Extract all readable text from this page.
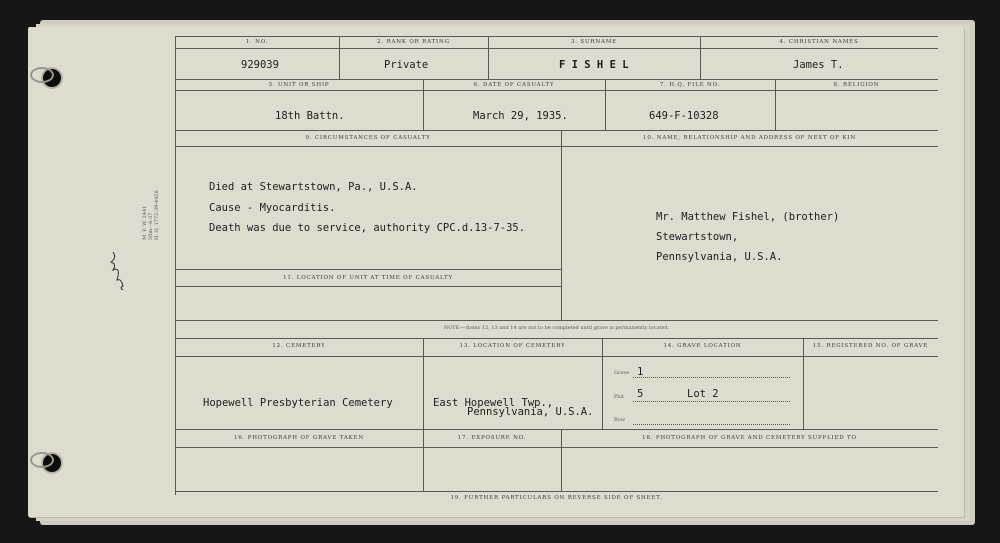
M. F. W. 2441 50m—6-37 H. Q. 1772-39-4458
1. NO.	2. RANK OR RATING	3. SURNAME	4. CHRISTIAN NAMES
929039	Private	F I S H E L	James T.
5. UNIT OR SHIP	6. DATE OF CASUALTY	7. H.Q. FILE NO.	8. RELIGION
18th Battn.	March 29, 1935.	649-F-10328
9. CIRCUMSTANCES OF CASUALTY	10. NAME, RELATIONSHIP AND ADDRESS OF NEXT OF KIN
Died at Stewartstown, Pa., U.S.A.
Cause - Myocarditis.
Death was due to service, authority CPC.d.13-7-35.
Mr. Matthew Fishel, (brother)
Stewartstown,
Pennsylvania, U.S.A.
11. LOCATION OF UNIT AT TIME OF CASUALTY
NOTE:—Items 12, 13 and 14 are not to be completed until grave is permanently located.
12. CEMETERY	13. LOCATION OF CEMETERY	14. GRAVE LOCATION	15. REGISTERED NO. OF GRAVE
Hopewell Presbyterian Cemetery	East Hopewell Twp.,
Pennsylvania, U.S.A.
Grave 1
Plot 5	Lot 2
Row
16. PHOTOGRAPH OF GRAVE TAKEN	17. EXPOSURE NO.	18. PHOTOGRAPH OF GRAVE AND CEMETERY SUPPLIED TO
19. FURTHER PARTICULARS ON REVERSE SIDE OF SHEET.
